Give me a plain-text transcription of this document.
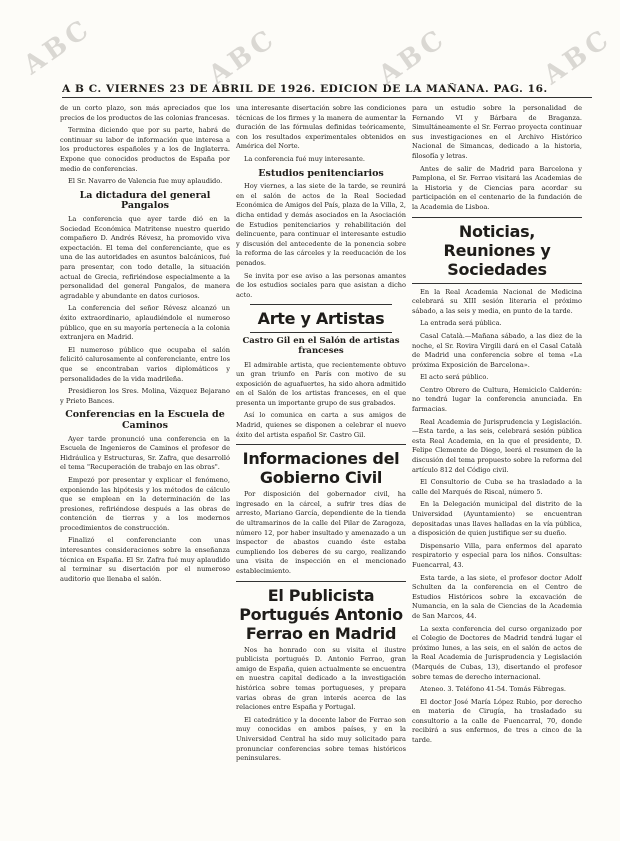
ABC	ABC	ABC	ABC
A B C. VIERNES 23 DE ABRIL DE 1926. EDICION DE LA MAÑANA. PAG. 16.

de un corto plazo, son más apreciados que los precios de los productos de las colonias francesas.

Termina diciendo que por su parte, habrá de continuar su labor de información que interesa a los productores españoles y a los de Inglaterra. Expone que conocidos productos de España por medio de conferencias.

El Sr. Navarro de Valencia fue muy aplaudido.

La dictadura del general Pangalos

La conferencia que ayer tarde dió en la Sociedad Económica Matritense nuestro querido compañero D. Andrés Révesz, ha promovido viva expectación. El tema del conferenciante, que es una de las autoridades en asuntos balcánicos, fué para presentar, con todo detalle, la situación actual de Grecia, refiriéndose especialmente a la personalidad del general Pangalos, de manera agradable y abundante en datos curiosos.

La conferencia del señor Révesz alcanzó un éxito extraordinario, aplaudiéndole el numeroso público, que en su mayoría pertenecía a la colonia extranjera en Madrid.

El numeroso público que ocupaba el salón felicitó calurosamente al conferenciante, entre los que se encontraban varios diplomáticos y personalidades de la vida madrileña.

Presidieron los Sres. Molina, Vázquez Bejarano y Prieto Bances.

Conferencias en la Escuela de Caminos

Ayer tarde pronunció una conferencia en la Escuela de Ingenieros de Caminos el profesor de Hidráulica y Estructuras, Sr. Zafra, que desarrolló el tema "Recuperación de trabajo en las obras".

Empezó por presentar y explicar el fenómeno, exponiendo las hipótesis y los métodos de cálculo que se emplean en la determinación de las presiones, refiriéndose después a las obras de contención de tierras y a los modernos procedimientos de construcción.

Finalizó el conferenciante con unas interesantes consideraciones sobre la enseñanza técnica en España. El Sr. Zafra fué muy aplaudido al terminar su disertación por el numeroso auditorio que llenaba el salón.

una interesante disertación sobre las condiciones técnicas de los firmes y la manera de aumentar la duración de las fórmulas definidas teóricamente, con los resultados experimentales obtenidos en América del Norte.

La conferencia fué muy interesante.

Estudios penitenciarios

Hoy viernes, a las siete de la tarde, se reunirá en el salón de actos de la Real Sociedad Económica de Amigos del País, plaza de la Villa, 2, dicha entidad y demás asociados en la Asociación de Estudios penitenciarios y rehabilitación del delincuente, para continuar el interesante estudio y discusión del antecedente de la ponencia sobre la reforma de las cárceles y la reeducación de los penados.

Se invita por ese aviso a las personas amantes de los estudios sociales para que asistan a dicho acto.

Arte y Artistas
Castro Gil en el Salón de artistas franceses

El admirable artista, que recientemente obtuvo un gran triunfo en París con motivo de su exposición de aguafuertes, ha sido ahora admitido en el Salón de los artistas franceses, en el que presenta un importante grupo de sus grabados.

Así lo comunica en carta a sus amigos de Madrid, quienes se disponen a celebrar el nuevo éxito del artista español Sr. Castro Gil.

Informaciones del Gobierno Civil

Por disposición del gobernador civil, ha ingresado en la cárcel, a sufrir tres días de arresto, Mariano García, dependiente de la tienda de ultramarinos de la calle del Pilar de Zaragoza, número 12, por haber insultado y amenazado a un inspector de abastos cuando éste estaba cumpliendo los deberes de su cargo, realizando una visita de inspección en el mencionado establecimiento.

El Publicista Portugués Antonio Ferrao en Madrid

Nos ha honrado con su visita el ilustre publicista portugués D. Antonio Ferrao, gran amigo de España, quien actualmente se encuentra en nuestra capital dedicado a la investigación histórica sobre temas portugueses, y prepara varias obras de gran interés acerca de las relaciones entre España y Portugal.

El catedrático y la docente labor de Ferrao son muy conocidas en ambos países, y en la Universidad Central ha sido muy solicitado para pronunciar conferencias sobre temas históricos peninsulares.

para un estudio sobre la personalidad de Fernando VI y Bárbara de Braganza. Simultáneamente el Sr. Ferrao proyecta continuar sus investigaciones en el Archivo Histórico Nacional de Simancas, dedicado a la historia, filosofía y letras.

Antes de salir de Madrid para Barcelona y Pamplona, el Sr. Ferrao visitará las Academias de la Historia y de Ciencias para acordar su participación en el centenario de la fundación de la Academia de Lisboa.

Noticias, Reuniones y Sociedades

En la Real Academia Nacional de Medicina celebrará su XIII sesión literaria el próximo sábado, a las seis y media, en punto de la tarde.

La entrada será pública.

Casal Català.—Mañana sábado, a las diez de la noche, el Sr. Rovira Virgili dará en el Casal Català de Madrid una conferencia sobre el tema «La próxima Exposición de Barcelona».

El acto será público.

Centro Obrero de Cultura, Hemiciclo Calderón: no tendrá lugar la conferencia anunciada. En farmacias.

Real Academia de Jurisprudencia y Legislación.—Esta tarde, a las seis, celebrará sesión pública esta Real Academia, en la que el presidente, D. Felipe Clemente de Diego, leerá el resumen de la discusión del tema propuesto sobre la reforma del artículo 812 del Código civil.

El Consultorio de Cuba se ha trasladado a la calle del Marqués de Riscal, número 5.

En la Delegación municipal del distrito de la Universidad (Ayuntamiento) se encuentran depositadas unas llaves halladas en la vía pública, a disposición de quien justifique ser su dueño.

Dispensario Villa, para enfermos del aparato respiratorio y especial para los niños. Consultas: Fuencarral, 43.

Esta tarde, a las siete, el profesor doctor Adolf Schulten da la conferencia en el Centro de Estudios Históricos sobre la excavación de Numancia, en la sala de Ciencias de la Academia de San Marcos, 44.

La sexta conferencia del curso organizado por el Colegio de Doctores de Madrid tendrá lugar el próximo lunes, a las seis, en el salón de actos de la Real Academia de Jurisprudencia y Legislación (Marqués de Cubas, 13), disertando el profesor sobre temas de derecho internacional.

Ateneo. 3. Teléfono 41-54. Tomás Fábregas.

El doctor José María López Rubio, por derecho en materia de Cirugía, ha trasladado su consultorio a la calle de Fuencarral, 70, donde recibirá a sus enfermos, de tres a cinco de la tarde.
